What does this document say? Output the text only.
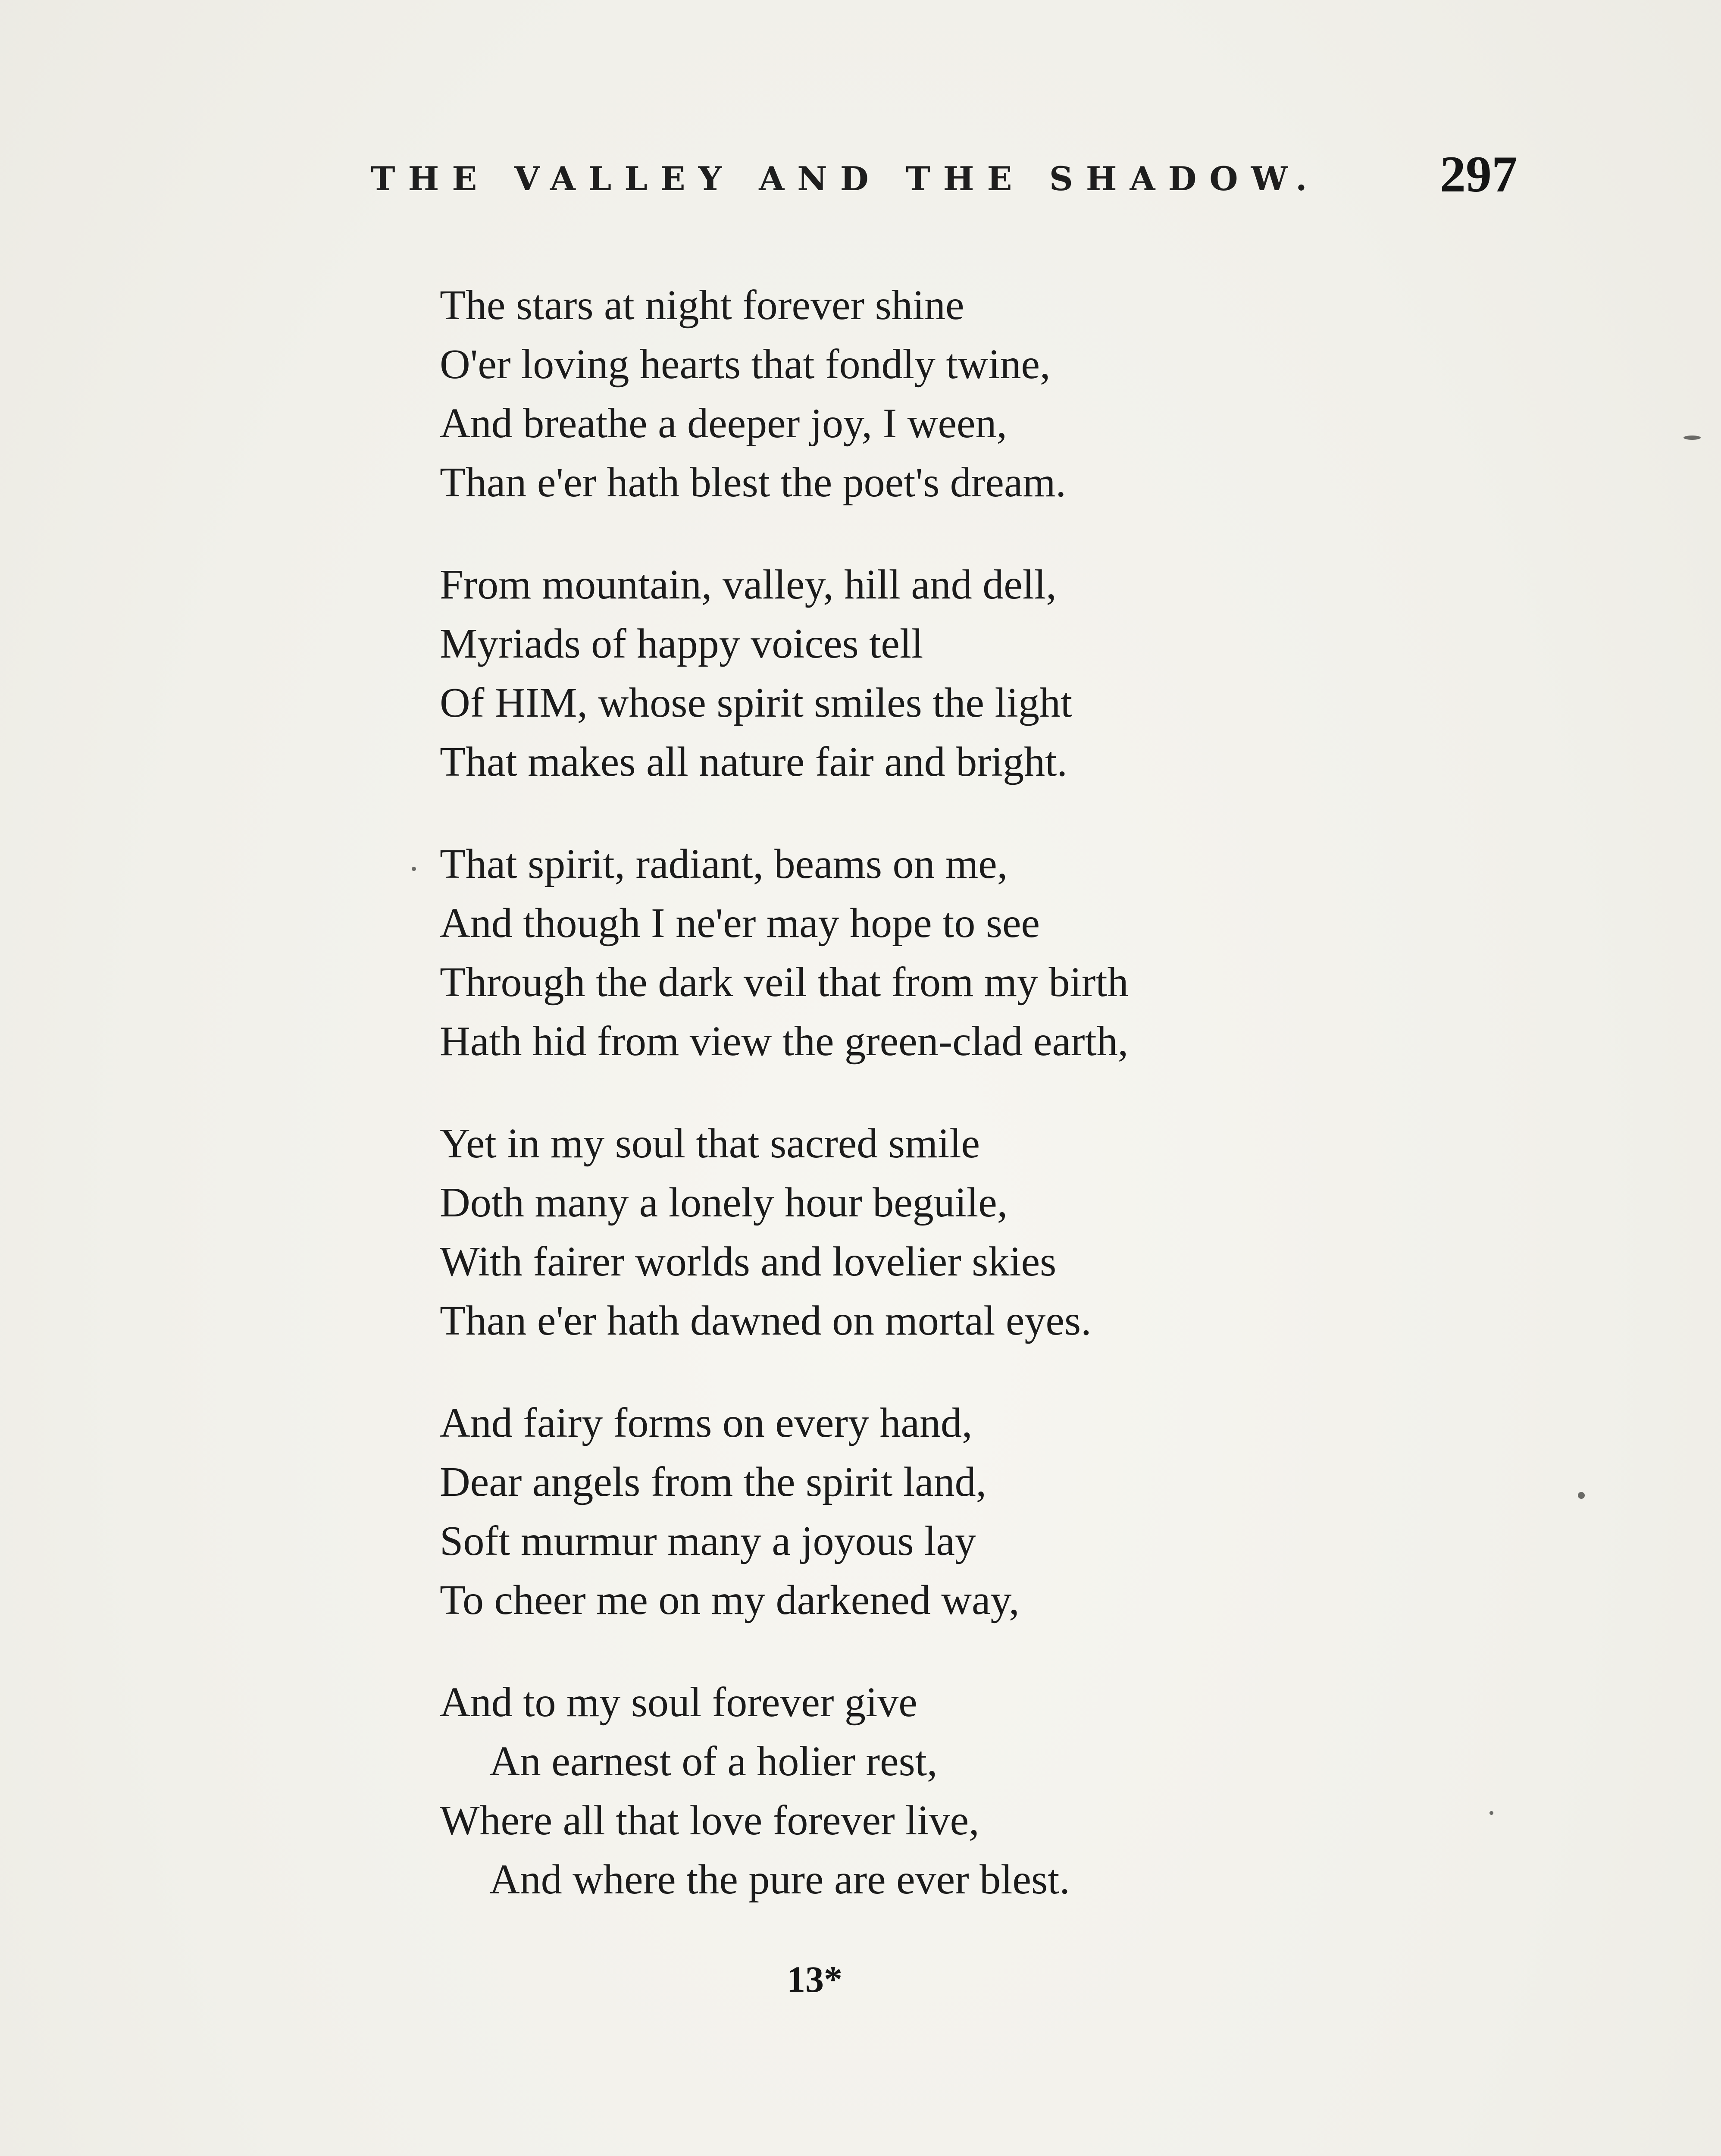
THE VALLEY AND THE SHADOW. 297
The stars at night forever shine
O'er loving hearts that fondly twine,
And breathe a deeper joy, I ween,
Than e'er hath blest the poet's dream.
From mountain, valley, hill and dell,
Myriads of happy voices tell
Of HIM, whose spirit smiles the light
That makes all nature fair and bright.
That spirit, radiant, beams on me,
And though I ne'er may hope to see
Through the dark veil that from my birth
Hath hid from view the green-clad earth,
Yet in my soul that sacred smile
Doth many a lonely hour beguile,
With fairer worlds and lovelier skies
Than e'er hath dawned on mortal eyes.
And fairy forms on every hand,
Dear angels from the spirit land,
Soft murmur many a joyous lay
To cheer me on my darkened way,
And to my soul forever give
An earnest of a holier rest,
Where all that love forever live,
And where the pure are ever blest.
13*
